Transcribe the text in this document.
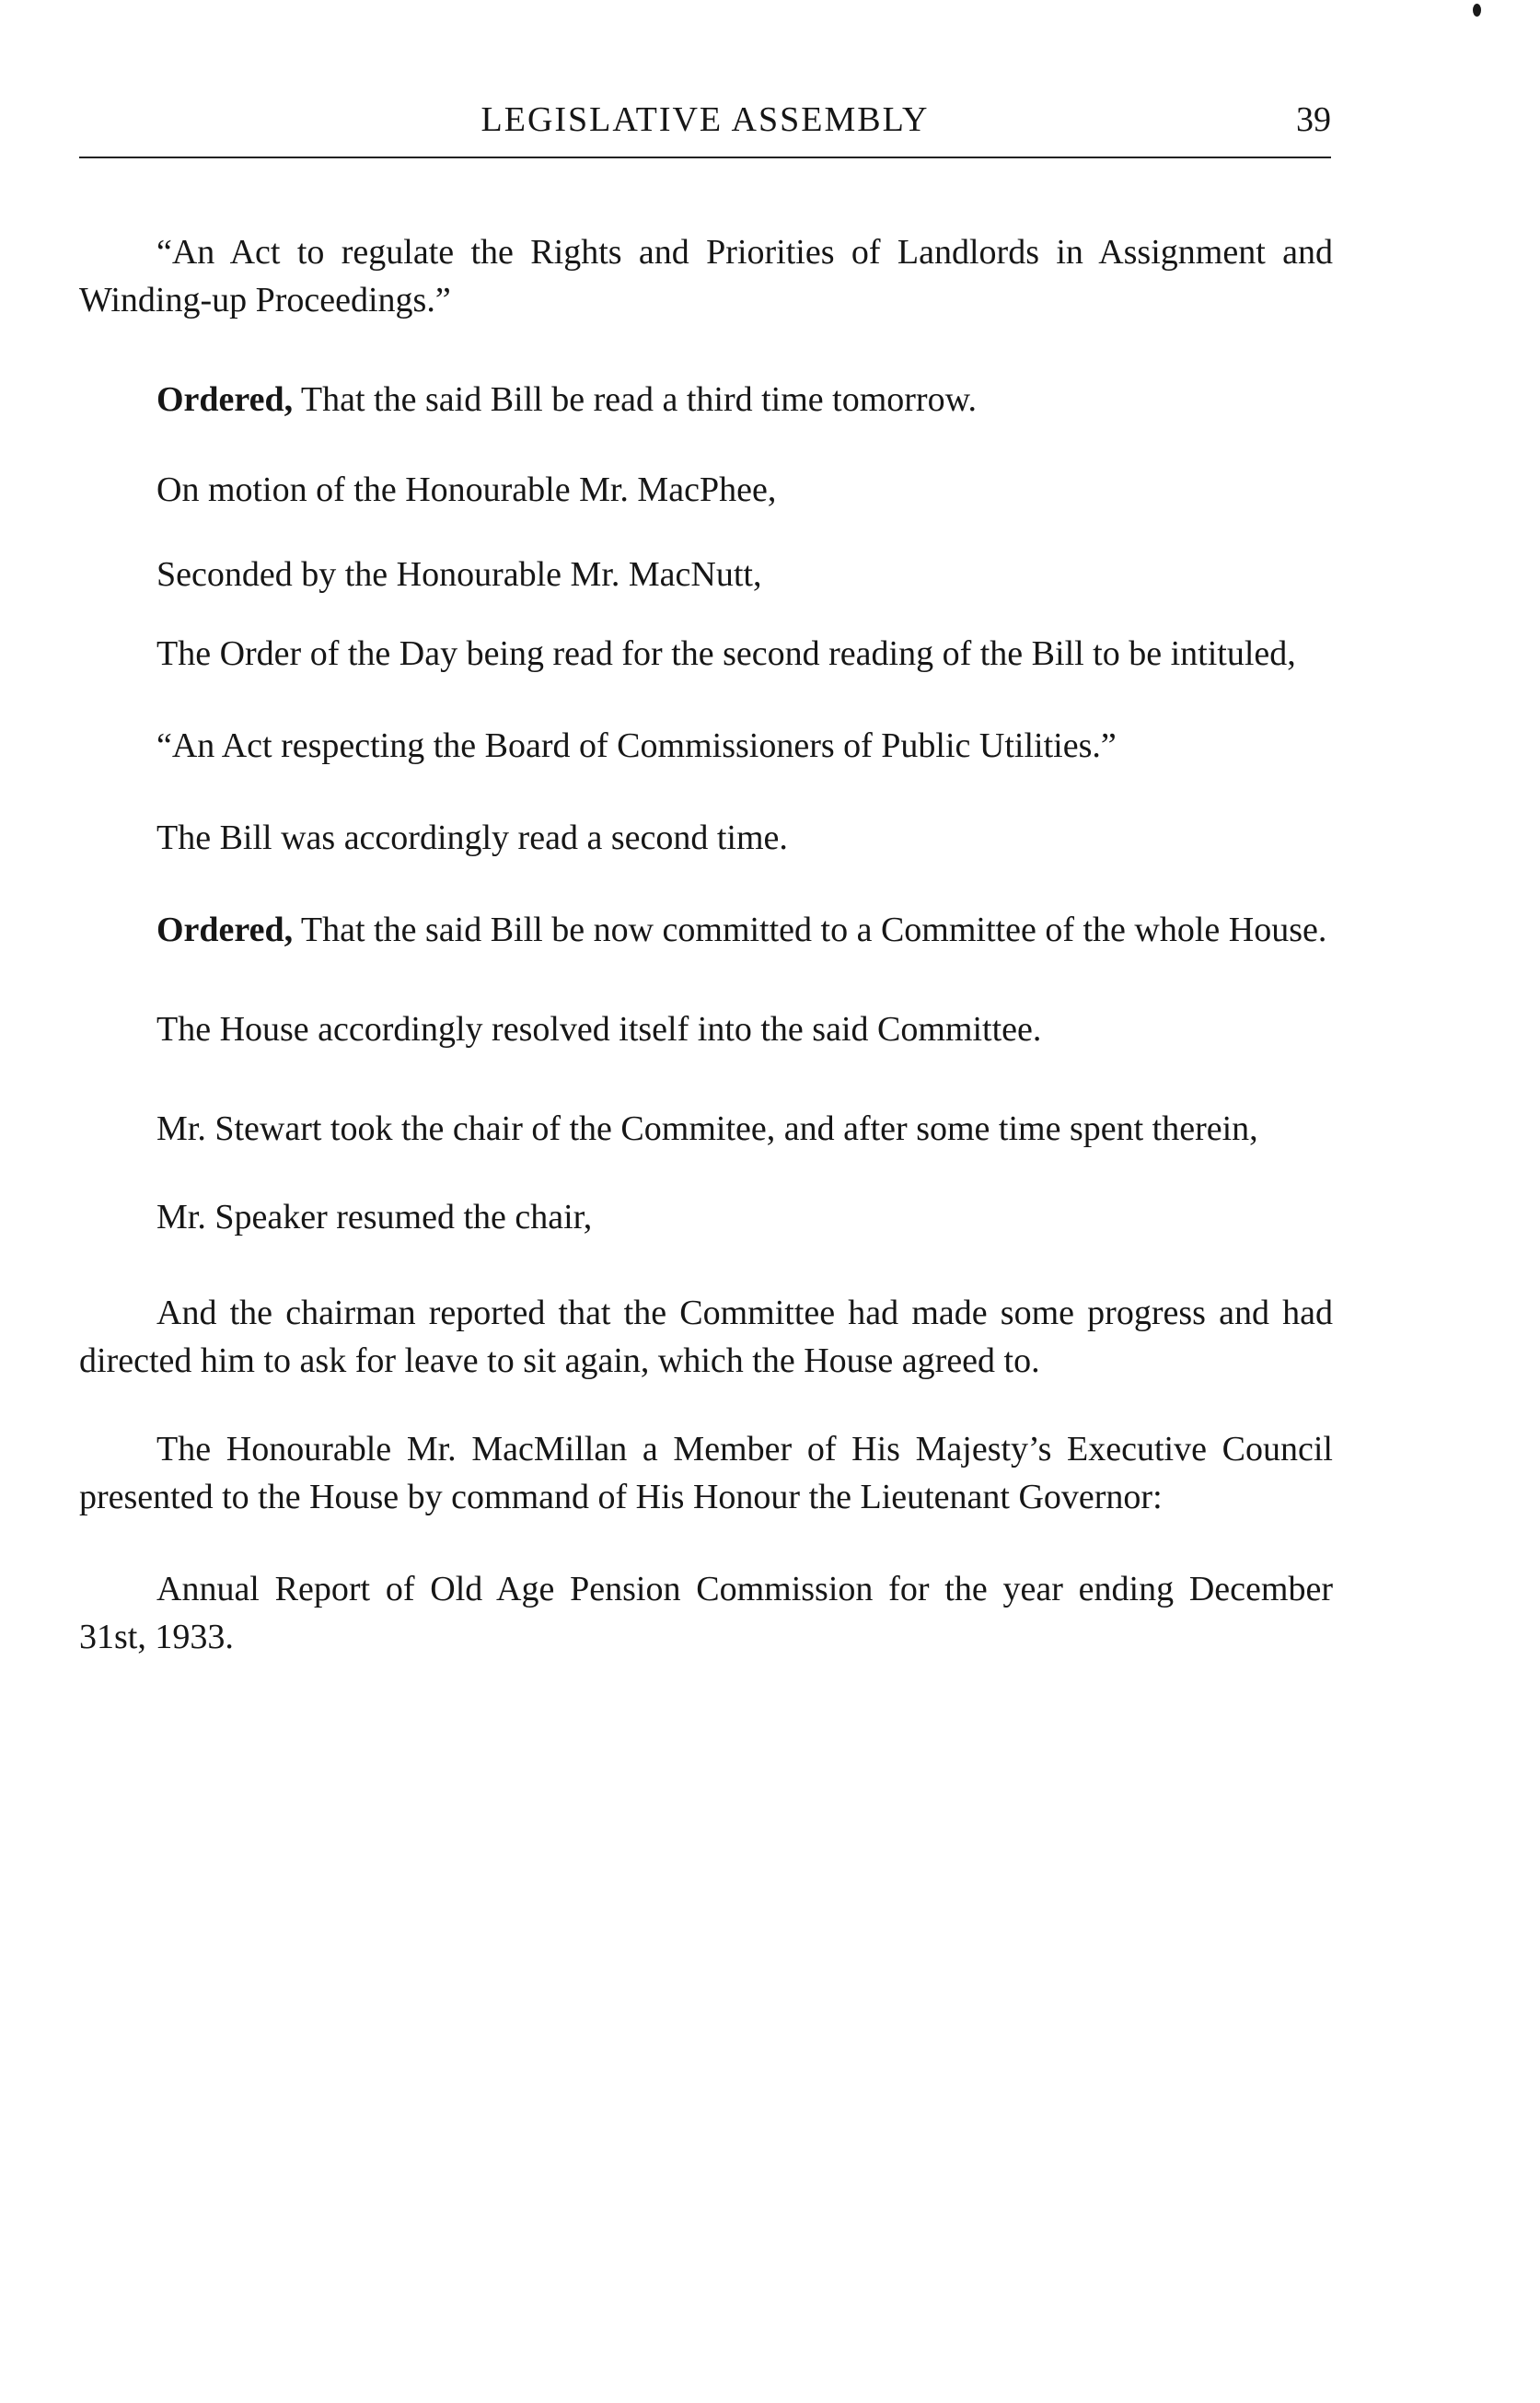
LEGISLATIVE ASSEMBLY	39

“An Act to regulate the Rights and Priorities of Landlords in Assignment and Winding-up Proceedings.”

Ordered, That the said Bill be read a third time tomorrow.

On motion of the Honourable Mr. MacPhee,

Seconded by the Honourable Mr. MacNutt,

The Order of the Day being read for the second reading of the Bill to be intituled,

“An Act respecting the Board of Commissioners of Public Utilities.”

The Bill was accordingly read a second time.

Ordered, That the said Bill be now committed to a Committee of the whole House.

The House accordingly resolved itself into the said Committee.

Mr. Stewart took the chair of the Commitee, and after some time spent therein,

Mr. Speaker resumed the chair,

And the chairman reported that the Committee had made some progress and had directed him to ask for leave to sit again, which the House agreed to.

The Honourable Mr. MacMillan a Member of His Majesty’s Executive Council presented to the House by command of His Honour the Lieutenant Governor:

Annual Report of Old Age Pension Commission for the year ending December 31st, 1933.
